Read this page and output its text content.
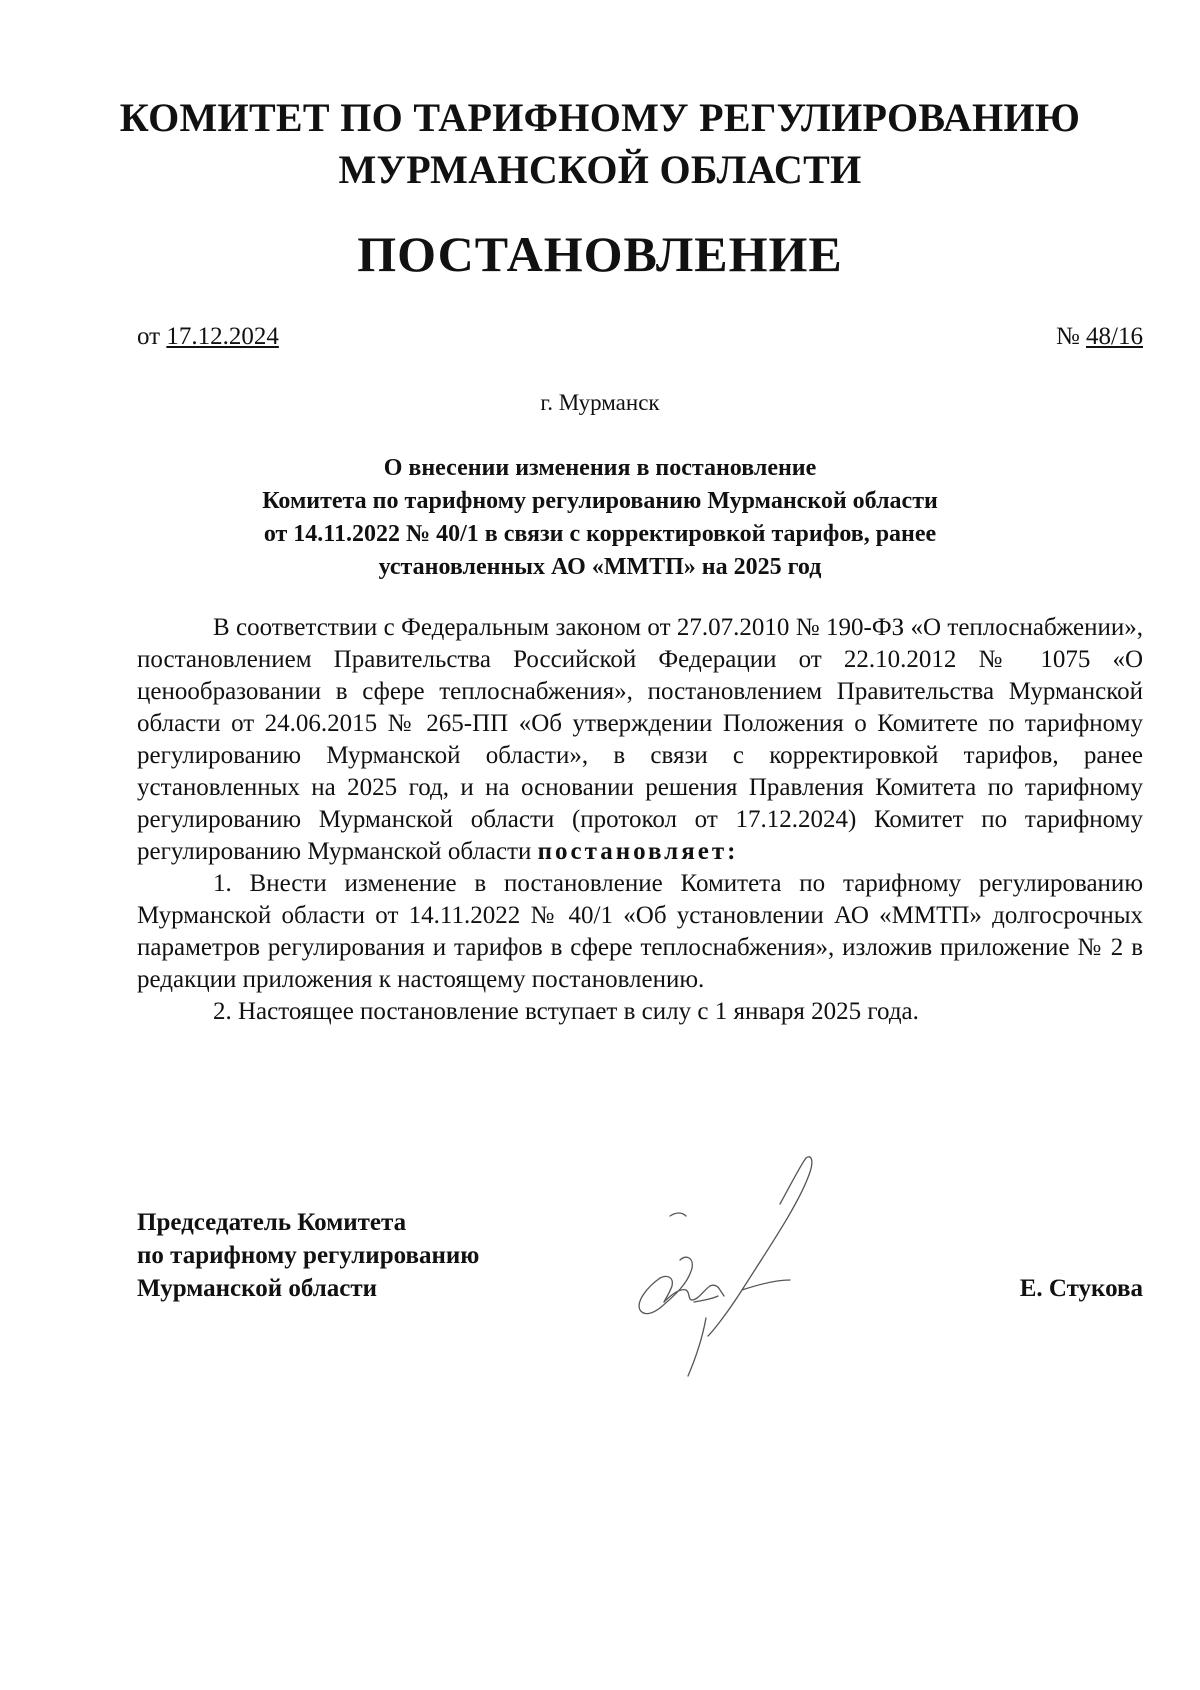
КОМИТЕТ ПО ТАРИФНОМУ РЕГУЛИРОВАНИЮ
МУРМАНСКОЙ ОБЛАСТИ
ПОСТАНОВЛЕНИЕ
от 17.12.2024	№ 48/16
г. Мурманск
О внесении изменения в постановление
Комитета по тарифному регулированию Мурманской области
от 14.11.2022 № 40/1 в связи с корректировкой тарифов, ранее
установленных АО «ММТП» на 2025 год

В соответствии с Федеральным законом от 27.07.2010 № 190-ФЗ «О теплоснабжении», постановлением Правительства Российской Федерации от 22.10.2012 № 1075 «О ценообразовании в сфере теплоснабжения», постановлением Правительства Мурманской области от 24.06.2015 № 265-ПП «Об утверждении Положения о Комитете по тарифному регулированию Мурманской области», в связи с корректировкой тарифов, ранее установленных на 2025 год, и на основании решения Правления Комитета по тарифному регулированию Мурманской области (протокол от 17.12.2024) Комитет по тарифному регулированию Мурманской области постановляет:

1. Внести изменение в постановление Комитета по тарифному регулированию Мурманской области от 14.11.2022 № 40/1 «Об установлении АО «ММТП» долгосрочных параметров регулирования и тарифов в сфере теплоснабжения», изложив приложение № 2 в редакции приложения к настоящему постановлению.

2. Настоящее постановление вступает в силу с 1 января 2025 года.

Председатель Комитета
по тарифному регулированию
Мурманской области	Е. Стукова
